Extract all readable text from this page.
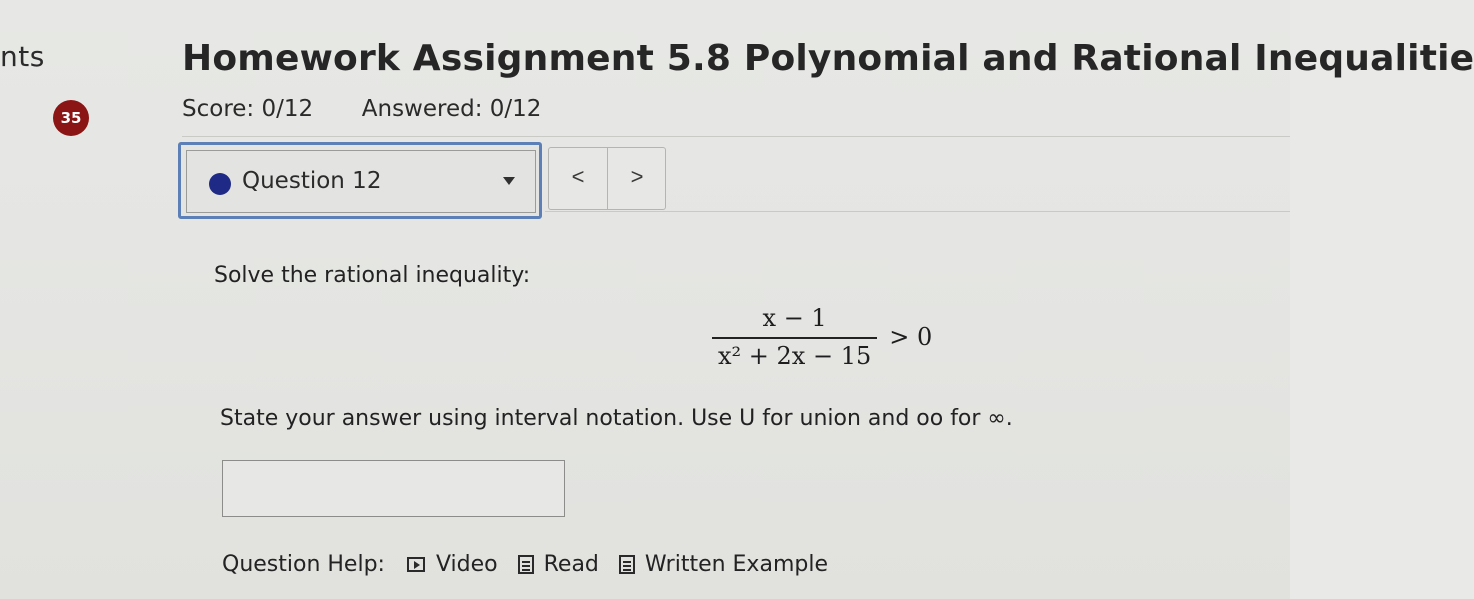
nts
35
Homework Assignment 5.8 Polynomial and Rational Inequalitie
Score: 0/12 Answered: 0/12
Question 12	<	>
Solve the rational inequality:
$\frac{x - 1}{\text{x² + 2x − 15}} > 0$
State your answer using interval notation. Use U for union and oo for ∞.
Question Help: Video Read Written Example
